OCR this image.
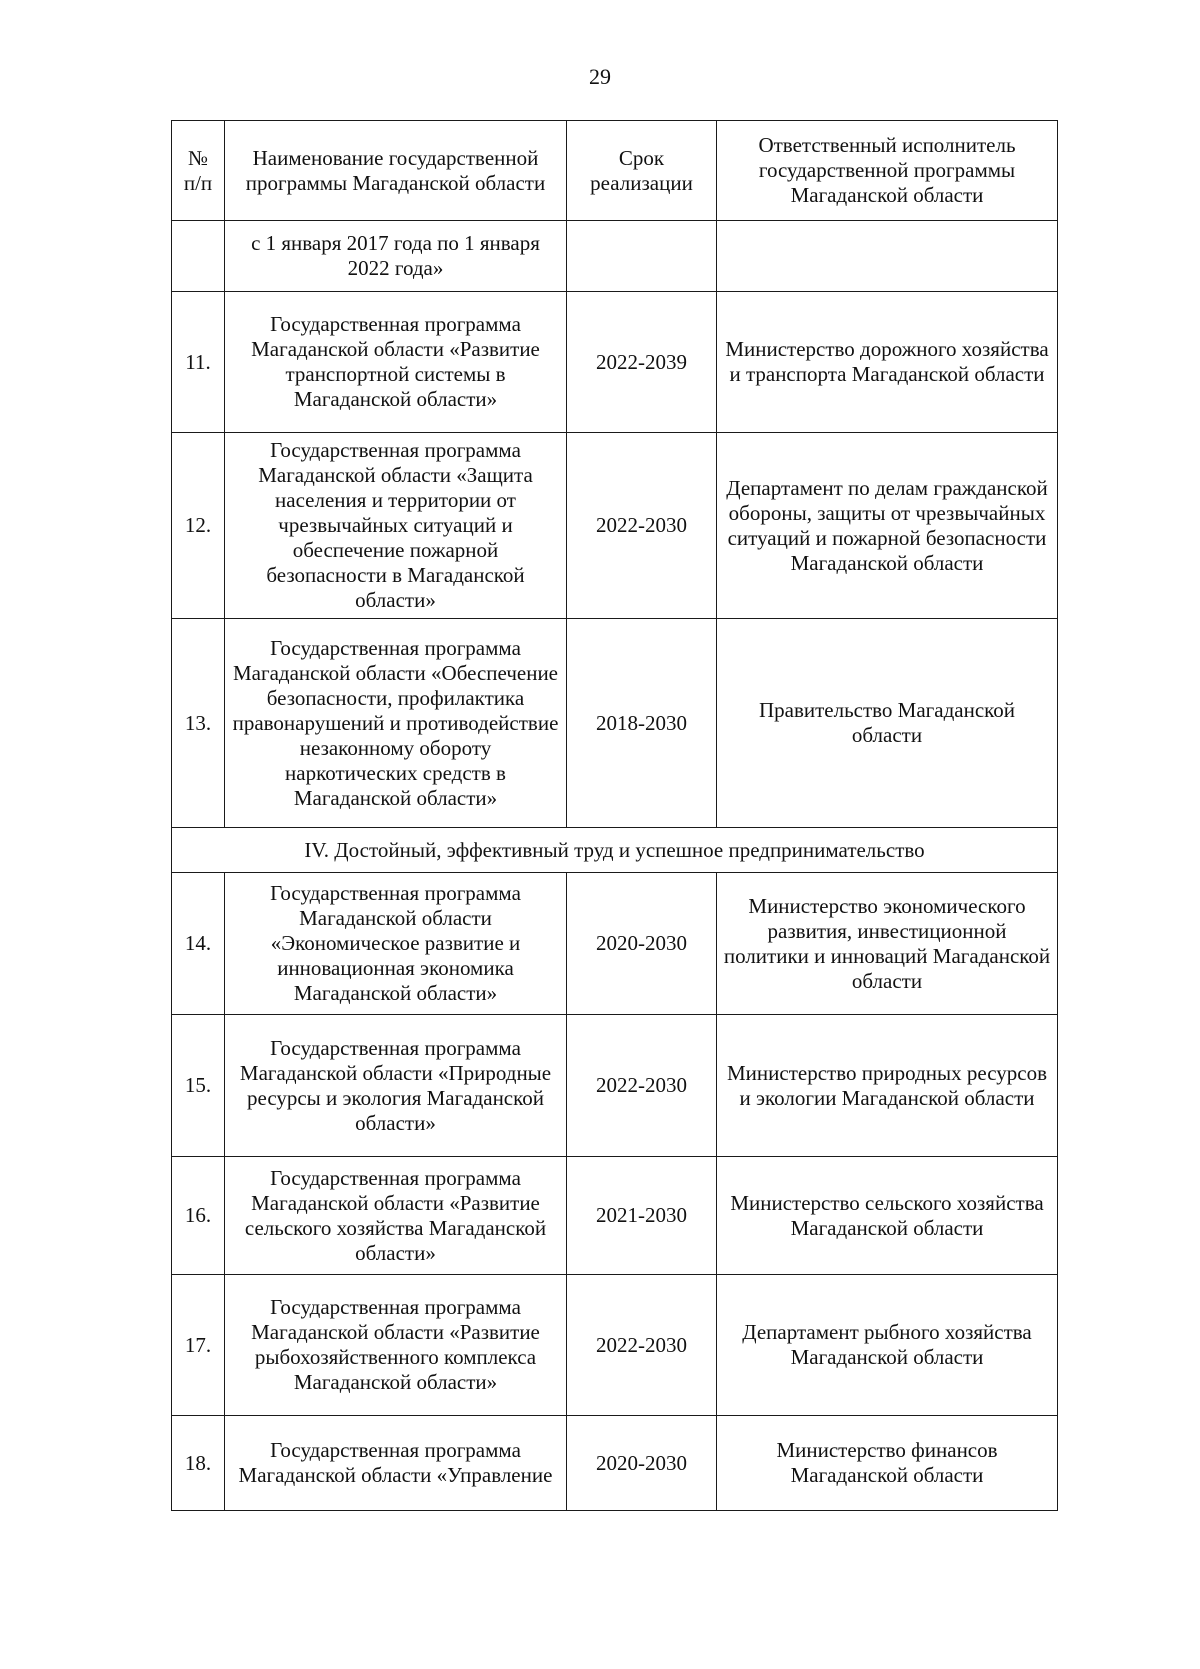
29
№ п/п	Наименование государственной программы Магаданской области	Срок реализации	Ответственный исполнитель государственной программы Магаданской области
	с 1 января 2017 года по 1 января 2022 года»		
11.	Государственная программа Магаданской области «Развитие транспортной системы в Магаданской области»	2022-2039	Министерство дорожного хозяйства и транспорта Магаданской области
12.	Государственная программа Магаданской области «Защита населения и территории от чрезвычайных ситуаций и обеспечение пожарной безопасности в Магаданской области»	2022-2030	Департамент по делам гражданской обороны, защиты от чрезвычайных ситуаций и пожарной безопасности Магаданской области
13.	Государственная программа Магаданской области «Обеспечение безопасности, профилактика правонарушений и противодействие незаконному обороту наркотических средств в Магаданской области»	2018-2030	Правительство Магаданской области
IV. Достойный, эффективный труд и успешное предпринимательство			
14.	Государственная программа Магаданской области «Экономическое развитие и инновационная экономика Магаданской области»	2020-2030	Министерство экономического развития, инвестиционной политики и инноваций Магаданской области
15.	Государственная программа Магаданской области «Природные ресурсы и экология Магаданской области»	2022-2030	Министерство природных ресурсов и экологии Магаданской области
16.	Государственная программа Магаданской области «Развитие сельского хозяйства Магаданской области»	2021-2030	Министерство сельского хозяйства Магаданской области
17.	Государственная программа Магаданской области «Развитие рыбохозяйственного комплекса Магаданской области»	2022-2030	Департамент рыбного хозяйства Магаданской области
18.	Государственная программа Магаданской области «Управление	2020-2030	Министерство финансов Магаданской области
